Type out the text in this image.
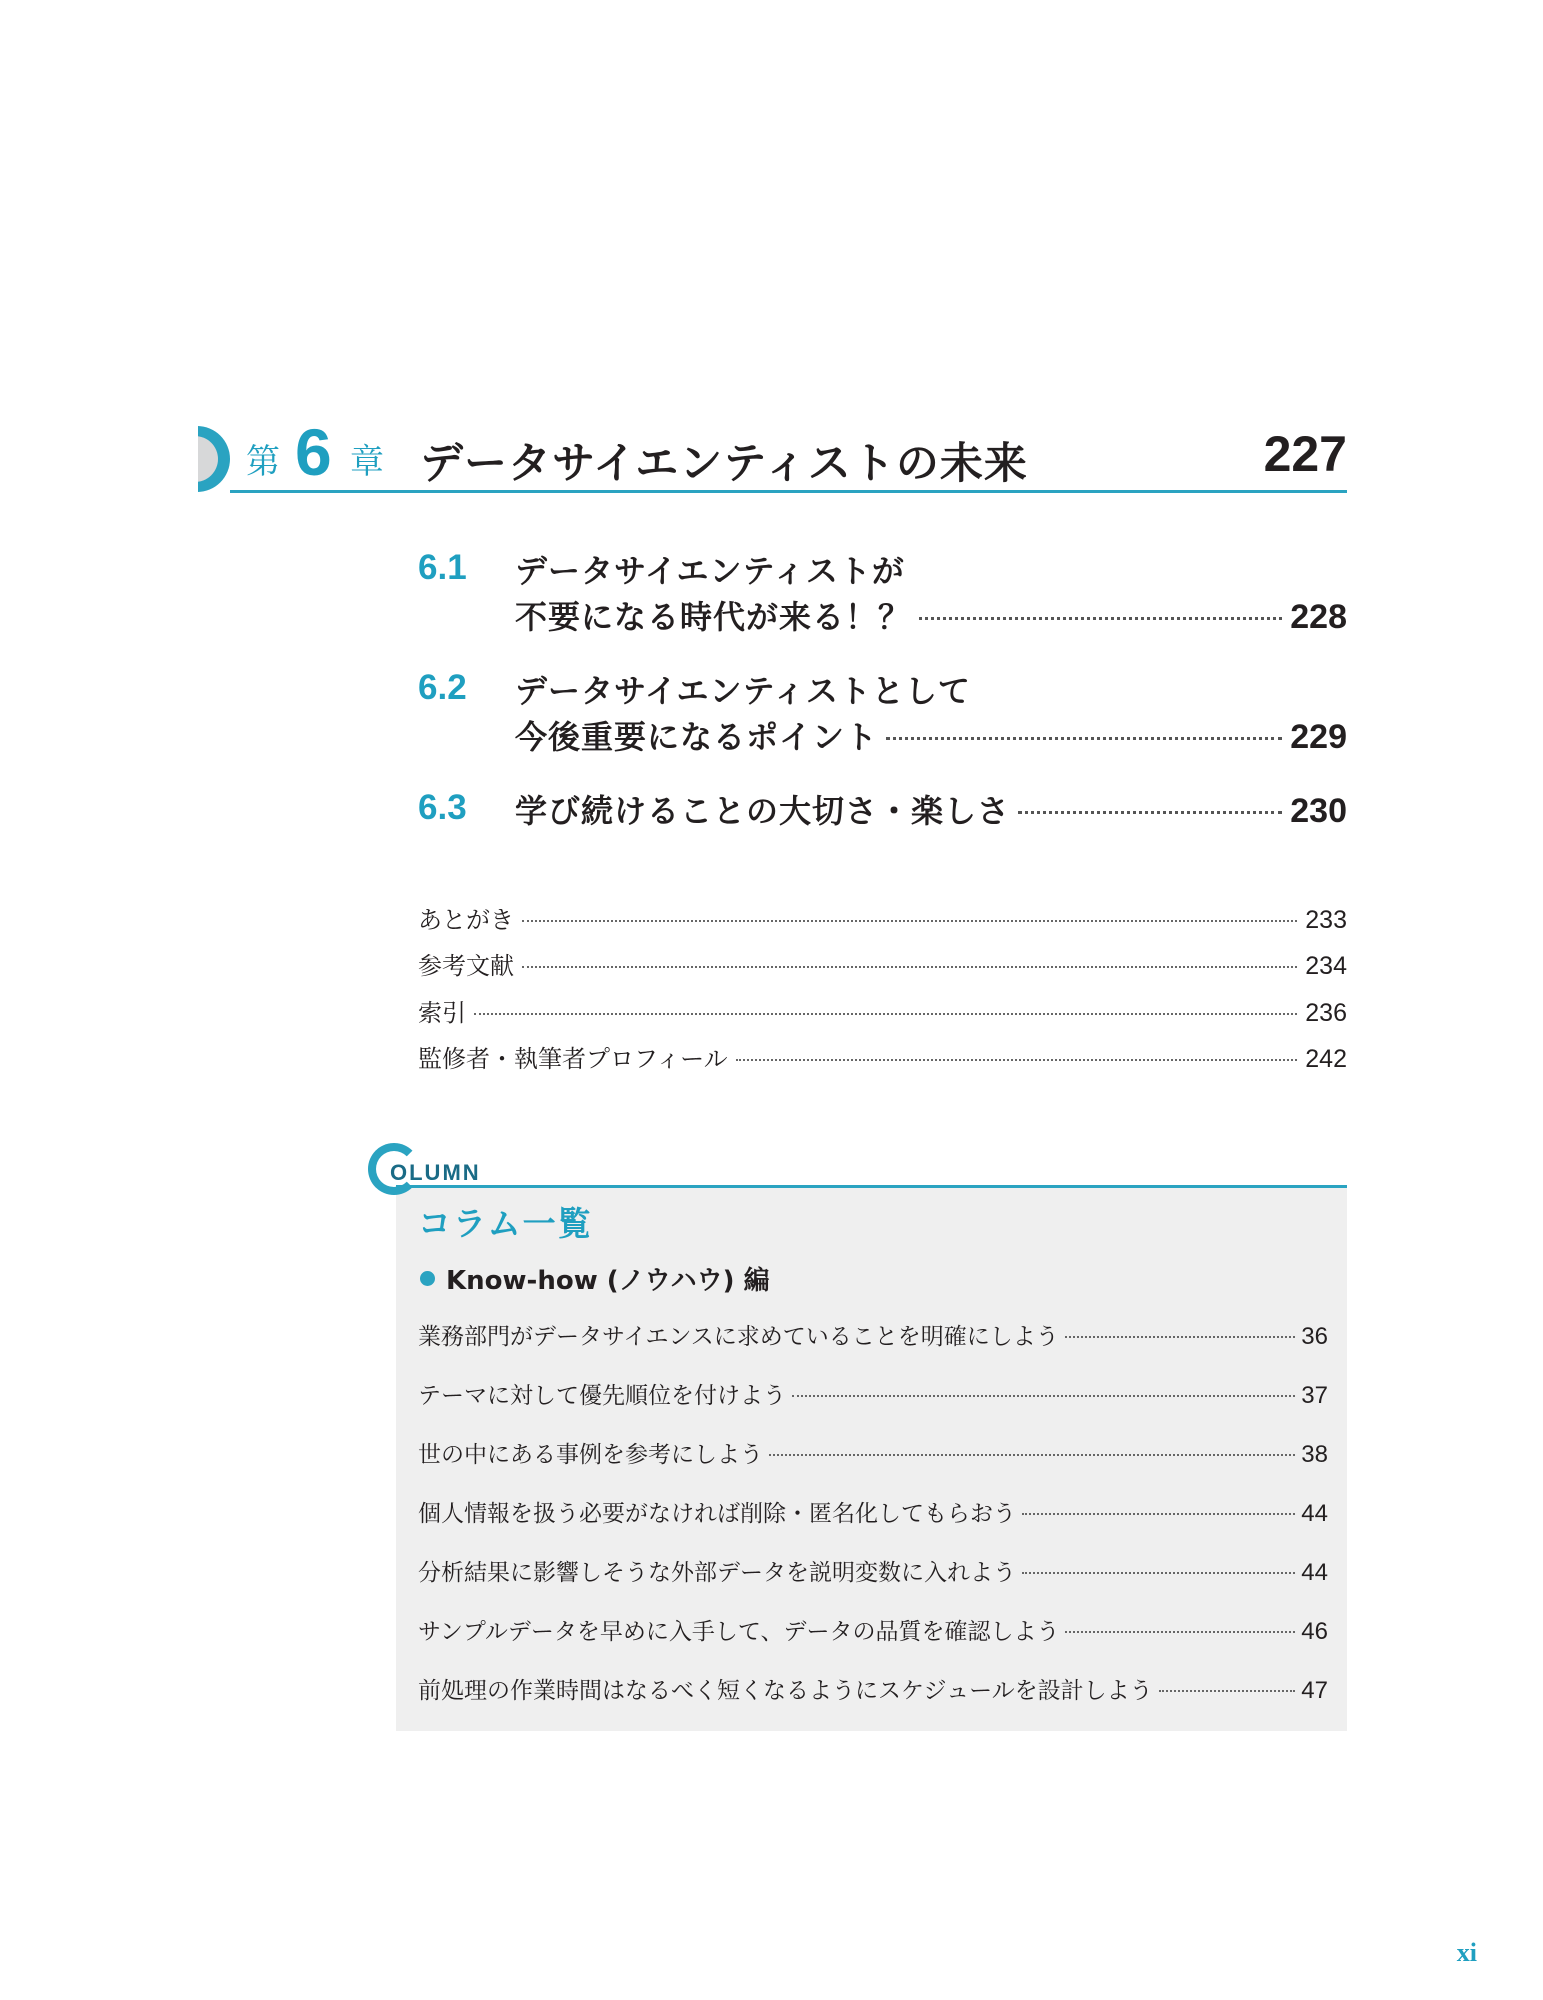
第 6 章 データサイエンティストの未来	227
6.1 データサイエンティストが
不要になる時代が来る！？	228
6.2 データサイエンティストとして
今後重要になるポイント	229
6.3 学び続けることの大切さ・楽しさ	230
あとがき	233
参考文献	234
索引	236
監修者・執筆者プロフィール	242
OLUMN
コラム一覧
Know-how (ノウハウ) 編
業務部門がデータサイエンスに求めていることを明確にしよう	36
テーマに対して優先順位を付けよう	37
世の中にある事例を参考にしよう	38
個人情報を扱う必要がなければ削除・匿名化してもらおう	44
分析結果に影響しそうな外部データを説明変数に入れよう	44
サンプルデータを早めに入手して、データの品質を確認しよう	46
前処理の作業時間はなるべく短くなるようにスケジュールを設計しよう	47
xi
